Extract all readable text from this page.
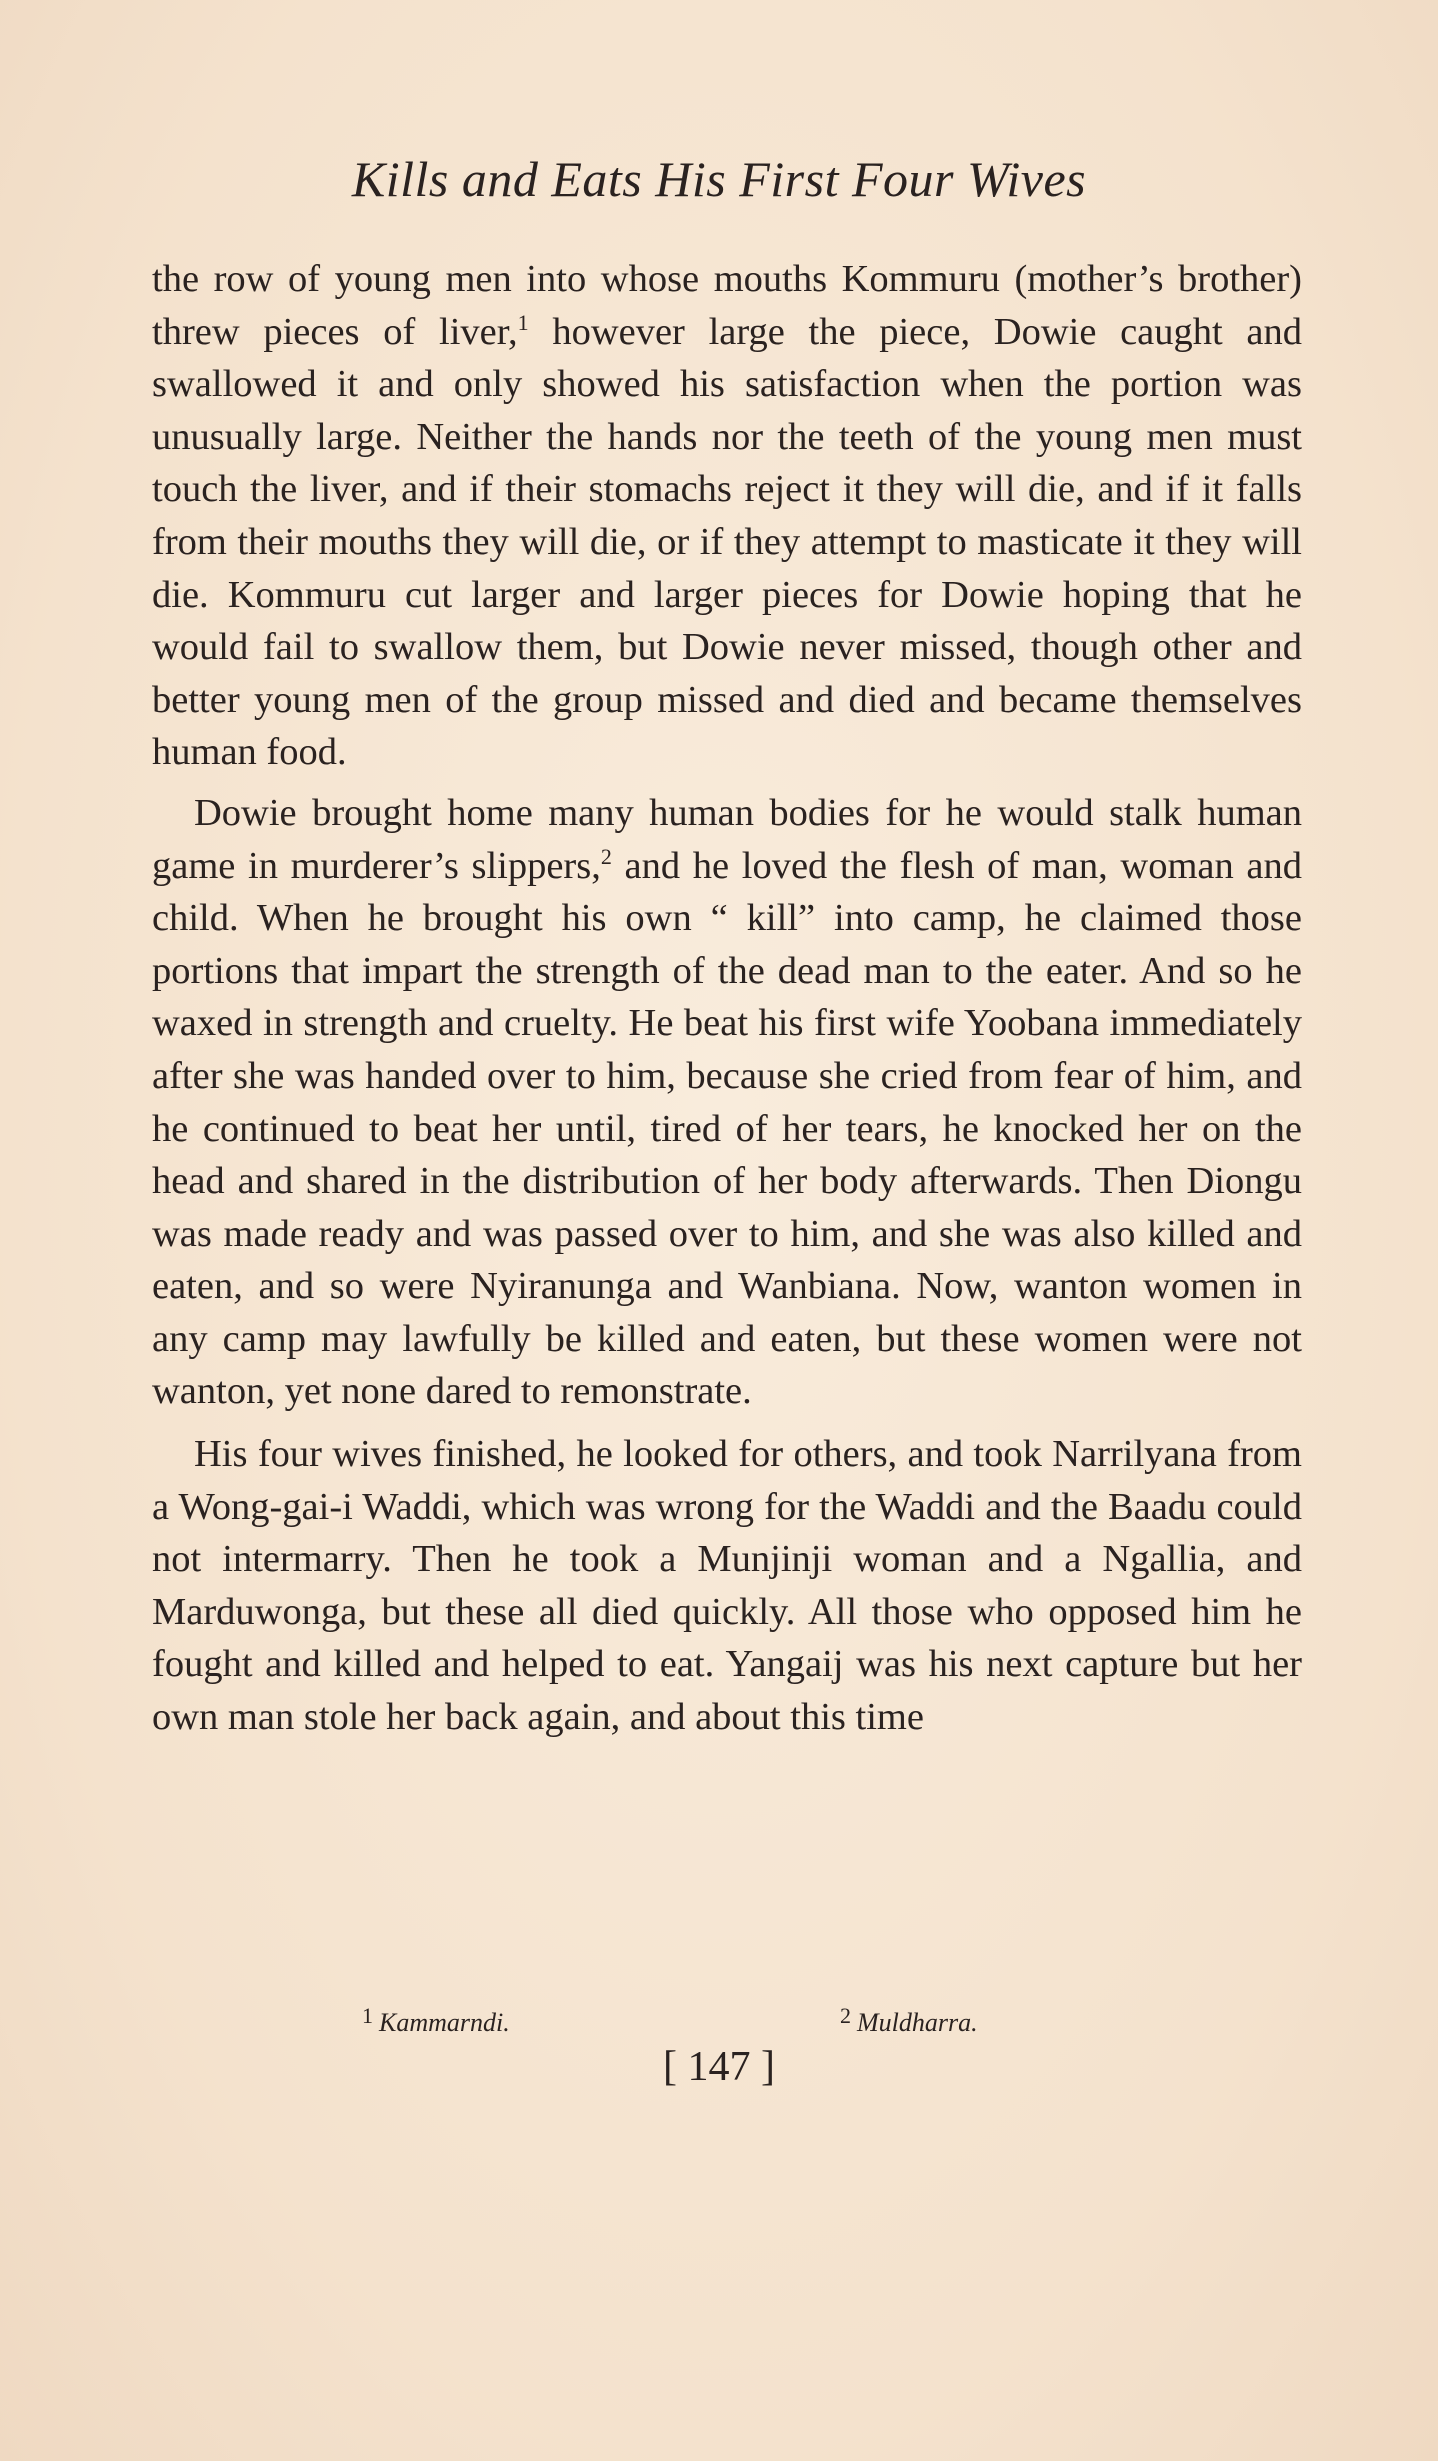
Kills and Eats His First Four Wives

the row of young men into whose mouths Kommuru (mother’s brother) threw pieces of liver,$^1$ however large the piece, Dowie caught and swallowed it and only showed his satisfaction when the portion was unusually large. Neither the hands nor the teeth of the young men must touch the liver, and if their stomachs reject it they will die, and if it falls from their mouths they will die, or if they attempt to masticate it they will die. Kommuru cut larger and larger pieces for Dowie hoping that he would fail to swallow them, but Dowie never missed, though other and better young men of the group missed and died and became themselves human food.

Dowie brought home many human bodies for he would stalk human game in murderer’s slippers,$^2$ and he loved the flesh of man, woman and child. When he brought his own “ kill” into camp, he claimed those portions that impart the strength of the dead man to the eater. And so he waxed in strength and cruelty. He beat his first wife Yoobana immediately after she was handed over to him, because she cried from fear of him, and he continued to beat her until, tired of her tears, he knocked her on the head and shared in the distribution of her body afterwards. Then Diongu was made ready and was passed over to him, and she was also killed and eaten, and so were Nyiranunga and Wanbiana. Now, wanton women in any camp may lawfully be killed and eaten, but these women were not wanton, yet none dared to remonstrate.

His four wives finished, he looked for others, and took Narrilyana from a Wong-gai-i Waddi, which was wrong for the Waddi and the Baadu could not intermarry. Then he took a Munjinji woman and a Ngallia, and Marduwonga, but these all died quickly. All those who opposed him he fought and killed and helped to eat. Yangaij was his next capture but her own man stole her back again, and about this time

$^1$ Kammarndi.	$^2$ Muldharra.
[ 147 ]
